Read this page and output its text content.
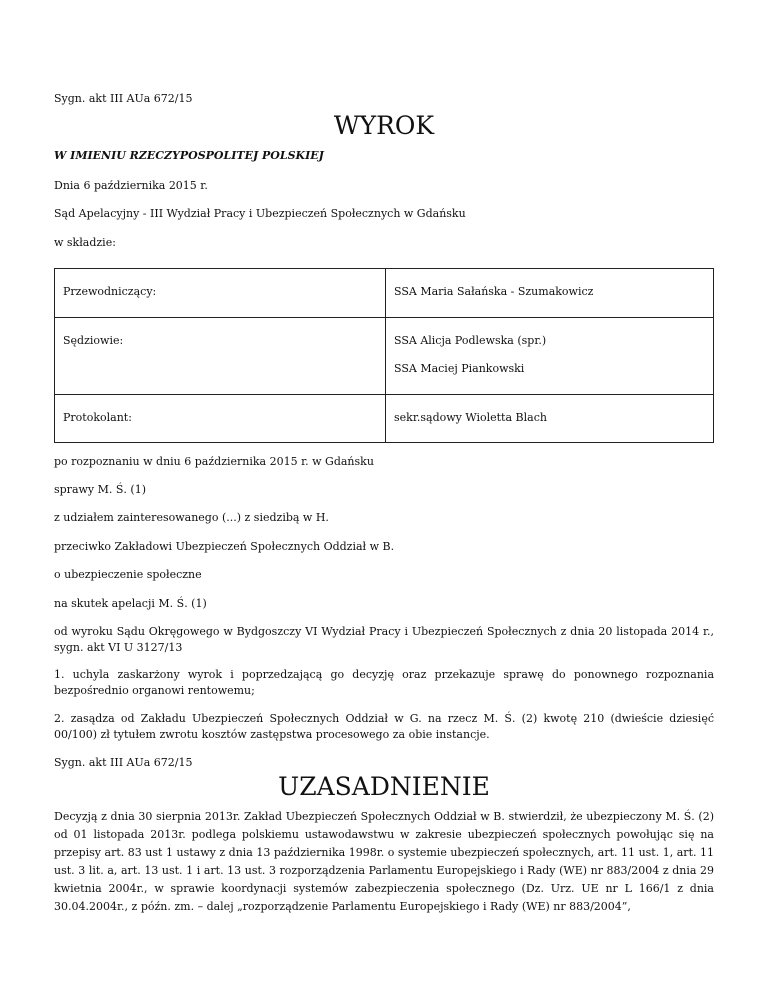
Sygn. akt III AUa 672/15

WYROK

W IMIENIU RZECZYPOSPOLITEJ POLSKIEJ

Dnia 6 października 2015 r.

Sąd Apelacyjny - III Wydział Pracy i Ubezpieczeń Społecznych w Gdańsku

w składzie:

Przewodniczący:	SSA Maria Sałańska - Szumakowicz

Sędziowie:	SSA Alicja Podlewska (spr.)
SSA Maciej Piankowski

Protokolant:	sekr.sądowy Wioletta Blach

po rozpoznaniu w dniu 6 października 2015 r. w Gdańsku

sprawy M. Ś. (1)

z udziałem zainteresowanego (...) z siedzibą w H.

przeciwko Zakładowi Ubezpieczeń Społecznych Oddział w B.

o ubezpieczenie społeczne

na skutek apelacji M. Ś. (1)

od wyroku Sądu Okręgowego w Bydgoszczy VI Wydział Pracy i Ubezpieczeń Społecznych z dnia 20 listopada 2014 r., sygn. akt VI U 3127/13

1. uchyla zaskarżony wyrok i poprzedzającą go decyzję oraz przekazuje sprawę do ponownego rozpoznania bezpośrednio organowi rentowemu;

2. zasądza od Zakładu Ubezpieczeń Społecznych Oddział w G. na rzecz M. Ś. (2) kwotę 210 (dwieście dziesięć 00/100) zł tytułem zwrotu kosztów zastępstwa procesowego za obie instancje.

Sygn. akt III AUa 672/15

UZASADNIENIE

Decyzją z dnia 30 sierpnia 2013r. Zakład Ubezpieczeń Społecznych Oddział w B. stwierdził, że ubezpieczony M. Ś. (2) od 01 listopada 2013r. podlega polskiemu ustawodawstwu w zakresie ubezpieczeń społecznych powołując się na przepisy art. 83 ust 1 ustawy z dnia 13 października 1998r. o systemie ubezpieczeń społecznych, art. 11 ust. 1, art. 11 ust. 3 lit. a, art. 13 ust. 1 i art. 13 ust. 3 rozporządzenia Parlamentu Europejskiego i Rady (WE) nr 883/2004 z dnia 29 kwietnia 2004r., w sprawie koordynacji systemów zabezpieczenia społecznego (Dz. Urz. UE nr L 166/1 z dnia 30.04.2004r., z późn. zm. – dalej „rozporządzenie Parlamentu Europejskiego i Rady (WE) nr 883/2004”,
